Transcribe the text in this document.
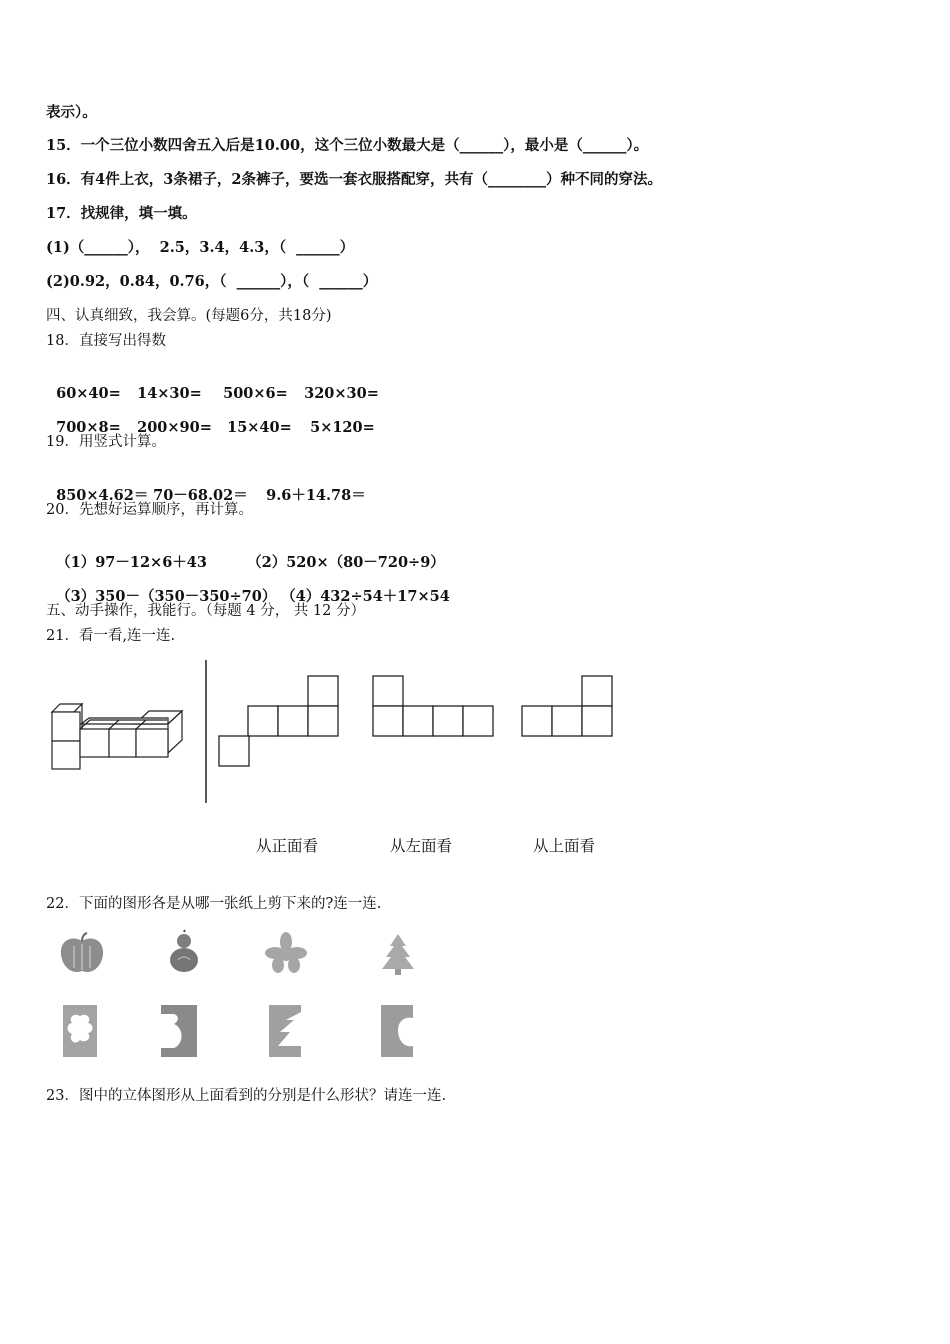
表示）。
15．一个三位小数四舍五入后是10.00，这个三位小数最大是（______），最小是（______）。
16．有4件上衣，3条裙子，2条裤子，要选一套衣服搭配穿，共有（________）种不同的穿法。
17．找规律，填一填。
(1)（______），  2.5，3.4，4.3，（  ______）
(2)0.92，0.84，0.76，（  ______），（  ______）
四、认真细致，我会算。(每题6分，共18分)
18．直接写出得数

60×40= 14×30= 500×6= 320×30=

700×8= 200×90= 15×40= 5×120=

19．用竖式计算。

850×4.62＝ 70－68.02＝ 9.6＋14.78＝

20．先想好运算顺序，再计算。

（1）97－12×6＋43	（2）520×（80－720÷9）

（3）350－（350－350÷70） （4）432÷54＋17×54

五、动手操作，我能行。（每题 4 分， 共 12 分）
21．看一看,连一连.
从正面看	从左面看	从上面看
22．下面的图形各是从哪一张纸上剪下来的?连一连.
23．图中的立体图形从上面看到的分别是什么形状？请连一连.
